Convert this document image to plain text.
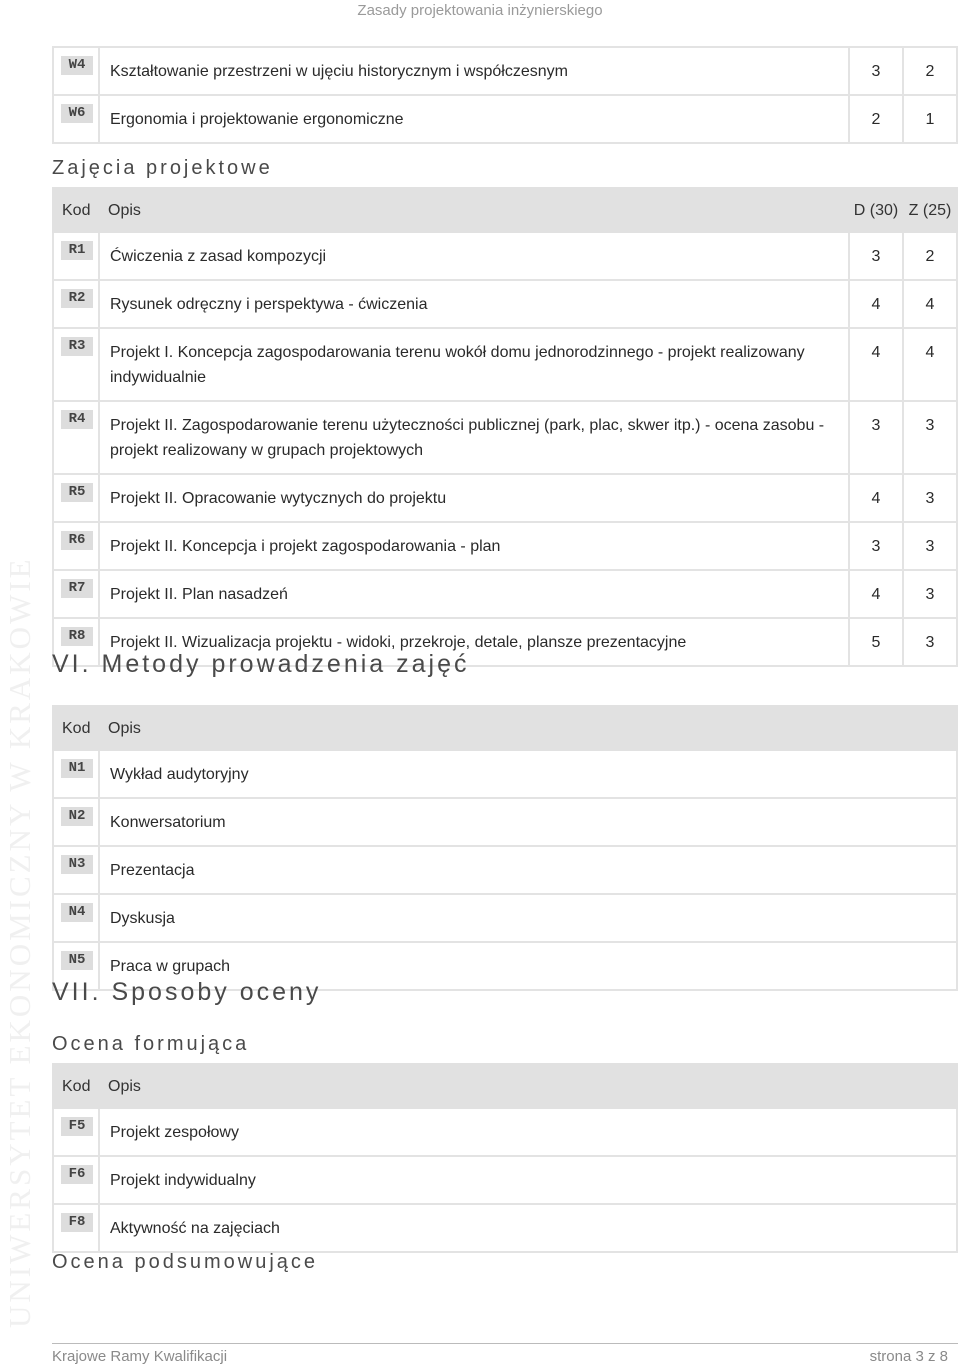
Zasady projektowania inżynierskiego
UNIWERSYTET EKONOMICZNY W KRAKOWIE
W4	Kształtowanie przestrzeni w ujęciu historycznym i współczesnym	3	2

W6	Ergonomia i projektowanie ergonomiczne	2	1
Zajęcia projektowe
Kod	Opis	D (30)	Z (25)

R1	Ćwiczenia z zasad kompozycji	3	2

R2	Rysunek odręczny i perspektywa - ćwiczenia	4	4

R3	Projekt I. Koncepcja zagospodarowania terenu wokół domu jednorodzinnego - projekt realizowany indywidualnie	4	4

R4	Projekt II. Zagospodarowanie terenu użyteczności publicznej (park, plac, skwer itp.) - ocena zasobu - projekt realizowany w grupach projektowych	3	3

R5	Projekt II. Opracowanie wytycznych do projektu	4	3

R6	Projekt II. Koncepcja i projekt zagospodarowania - plan	3	3

R7	Projekt II. Plan nasadzeń	4	3

R8	Projekt II. Wizualizacja projektu - widoki, przekroje, detale, plansze prezentacyjne	5	3
VI. Metody prowadzenia zajęć
Kod	Opis

N1	Wykład audytoryjny

N2	Konwersatorium

N3	Prezentacja

N4	Dyskusja

N5	Praca w grupach
VII. Sposoby oceny
Ocena formująca
Kod	Opis

F5	Projekt zespołowy

F6	Projekt indywidualny

F8	Aktywność na zajęciach
Ocena podsumowujące
Krajowe Ramy Kwalifikacji	strona 3 z 8
